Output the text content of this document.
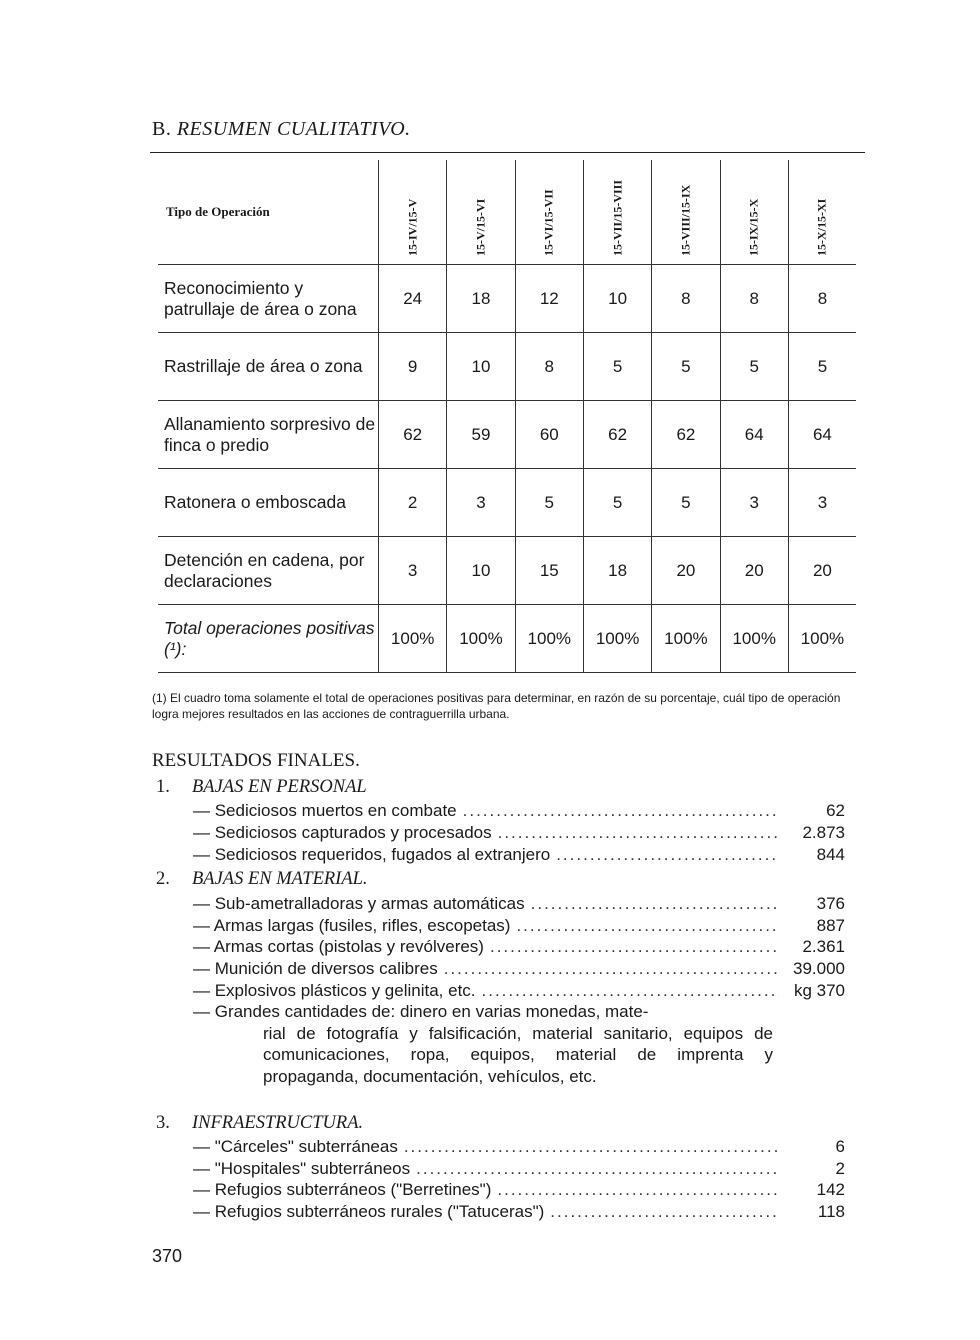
B. RESUMEN CUALITATIVO.
Tipo de Operación	15-IV/15-V	15-V/15-VI	15-VI/15-VII	15-VII/15-VIII	15-VIII/15-IX	15-IX/15-X	15-X/15-XI

Reconocimiento y patrullaje de área o zona	24	18	12	10	8	8	8
Rastrillaje de área o zona	9	10	8	5	5	5	5
Allanamiento sorpresivo de finca o predio	62	59	60	62	62	64	64
Ratonera o emboscada	2	3	5	5	5	3	3
Detención en cadena, por declaraciones	3	10	15	18	20	20	20
Total operaciones positivas (¹):	100%	100%	100%	100%	100%	100%	100%
(1) El cuadro toma solamente el total de operaciones positivas para determinar, en razón de su porcentaje, cuál tipo de operación logra mejores resultados en las acciones de contraguerrilla urbana.
RESULTADOS FINALES.
1. BAJAS EN PERSONAL
— Sediciosos muertos en combate .....	62
— Sediciosos capturados y procesados .....	2.873
— Sediciosos requeridos, fugados al extranjero .....	844
2. BAJAS EN MATERIAL.
— Sub-ametralladoras y armas automáticas .....	376
— Armas largas (fusiles, rifles, escopetas) .....	887
— Armas cortas (pistolas y revólveres) .....	2.361
— Munición de diversos calibres .....	39.000
— Explosivos plásticos y gelinita, etc. .....	kg 370
— Grandes cantidades de: dinero en varias monedas, mate-
rial de fotografía y falsificación, material sanitario, equipos de comunicaciones, ropa, equipos, material de imprenta y propaganda, documentación, vehículos, etc.
3. INFRAESTRUCTURA.
— "Cárceles" subterráneas .....	6
— "Hospitales" subterráneos .....	2
— Refugios subterráneos ("Berretines") .....	142
— Refugios subterráneos rurales ("Tatuceras") .....	118
370
